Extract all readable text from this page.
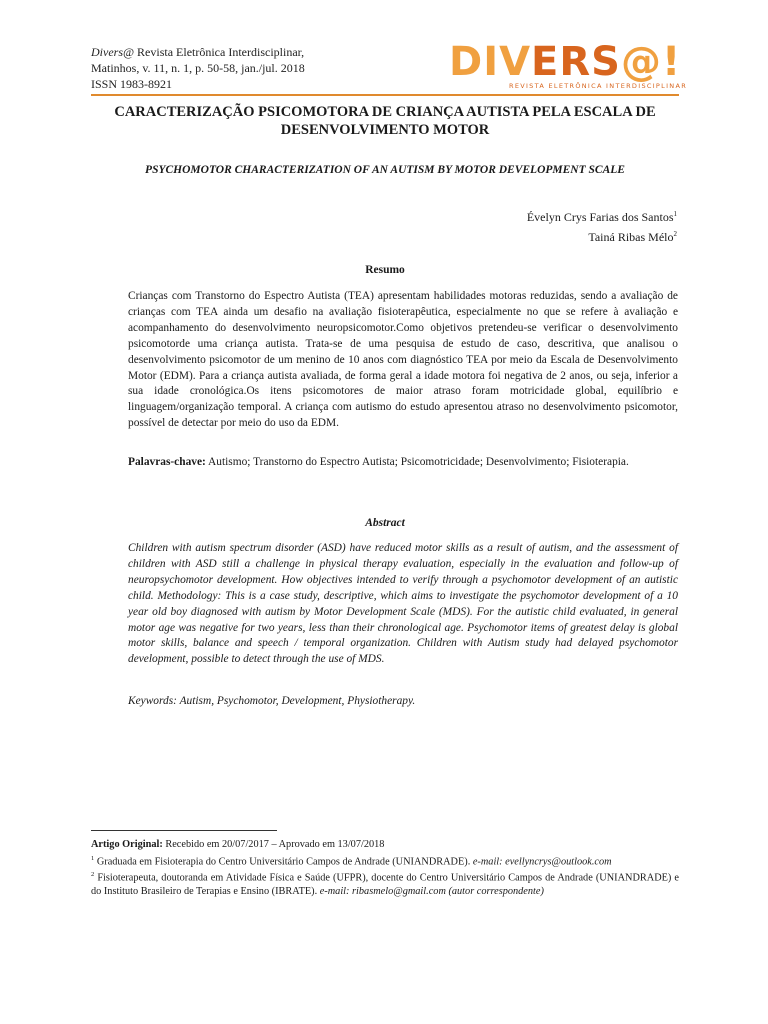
Divers@ Revista Eletrônica Interdisciplinar,
Matinhos, v. 11, n. 1, p. 50-58, jan./jul. 2018
ISSN 1983-8921	DIVERS@!
REVISTA ELETRÔNICA INTERDISCIPLINAR
CARACTERIZAÇÃO PSICOMOTORA DE CRIANÇA AUTISTA PELA ESCALA DE DESENVOLVIMENTO MOTOR
PSYCHOMOTOR CHARACTERIZATION OF AN AUTISM BY MOTOR DEVELOPMENT SCALE
Évelyn Crys Farias dos Santos$^1$
Tainá Ribas Mélo$^2$
Resumo
Crianças com Transtorno do Espectro Autista (TEA) apresentam habilidades motoras reduzidas, sendo a avaliação de crianças com TEA ainda um desafio na avaliação fisioterapêutica, especialmente no que se refere à avaliação e acompanhamento do desenvolvimento neuropsicomotor.Como objetivos pretendeu-se verificar o desenvolvimento psicomotorde uma criança autista. Trata-se de uma pesquisa de estudo de caso, descritiva, que analisou o desenvolvimento psicomotor de um menino de 10 anos com diagnóstico TEA por meio da Escala de Desenvolvimento Motor (EDM). Para a criança autista avaliada, de forma geral a idade motora foi negativa de 2 anos, ou seja, inferior a sua idade cronológica.Os itens psicomotores de maior atraso foram motricidade global, equilíbrio e linguagem/organização temporal. A criança com autismo do estudo apresentou atraso no desenvolvimento psicomotor, possível de detectar por meio do uso da EDM.
Palavras-chave: Autismo; Transtorno do Espectro Autista; Psicomotricidade; Desenvolvimento; Fisioterapia.
Abstract
Children with autism spectrum disorder (ASD) have reduced motor skills as a result of autism, and the assessment of children with ASD still a challenge in physical therapy evaluation, especially in the evaluation and follow-up of neuropsychomotor development. How objectives intended to verify through a psychomotor development of an autistic child. Methodology: This is a case study, descriptive, which aims to investigate the psychomotor development of a 10 year old boy diagnosed with autism by Motor Development Scale (MDS). For the autistic child evaluated, in general motor age was negative for two years, less than their chronological age. Psychomotor items of greatest delay is global motor skills, balance and speech / temporal organization. Children with Autism study had delayed psychomotor development, possible to detect through the use of MDS.
Keywords: Autism, Psychomotor, Development, Physiotherapy.

Artigo Original: Recebido em 20/07/2017 – Aprovado em 13/07/2018

$^1$ Graduada em Fisioterapia do Centro Universitário Campos de Andrade (UNIANDRADE). e-mail: evellyncrys@outlook.com

$^2$ Fisioterapeuta, doutoranda em Atividade Física e Saúde (UFPR), docente do Centro Universitário Campos de Andrade (UNIANDRADE) e do Instituto Brasileiro de Terapias e Ensino (IBRATE). e-mail: ribasmelo@gmail.com (autor correspondente)
